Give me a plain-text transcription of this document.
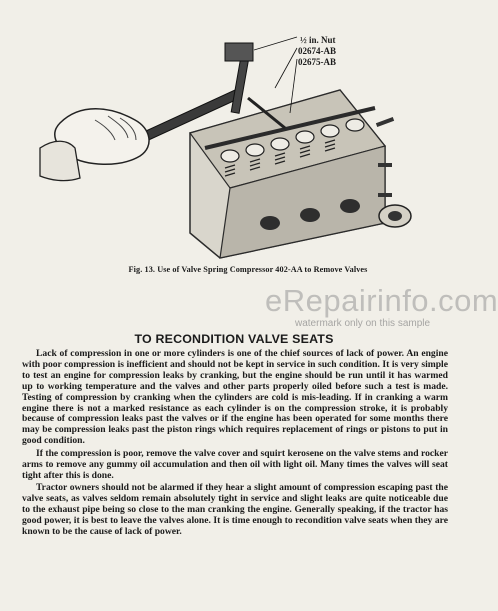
½ in. Nut
02674-AB
02675-AB
Fig. 13. Use of Valve Spring Compressor 402-AA to Remove Valves
eRepairinfo.com
watermark only on this sample
TO RECONDITION VALVE SEATS

Lack of compression in one or more cylinders is one of the chief sources of lack of power. An engine with poor compression is inefficient and should not be kept in service in such condition. It is very simple to test an engine for compression leaks by cranking, but the engine should be run until it has warmed up to working temperature and the valves and other parts properly oiled before such a test is made. Testing of compression by cranking when the cylinders are cold is mis-leading. If in cranking a warm engine there is not a marked resistance as each cylinder is on the compression stroke, it is probably because of compression leaks past the valves or if the engine has been operated for some months there may be compression leaks past the piston rings which requires replacement of rings or pistons to put in good condition.

If the compression is poor, remove the valve cover and squirt kerosene on the valve stems and rocker arms to remove any gummy oil accumulation and then oil with light oil. Many times the valves will seat tight after this is done.

Tractor owners should not be alarmed if they hear a slight amount of compression escaping past the valve seats, as valves seldom remain absolutely tight in service and slight leaks are quite noticeable due to the exhaust pipe being so close to the man cranking the engine. Generally speaking, if the tractor has good power, it is best to leave the valves alone. It is time enough to recondition valve seats when they are known to be the cause of lack of power.
